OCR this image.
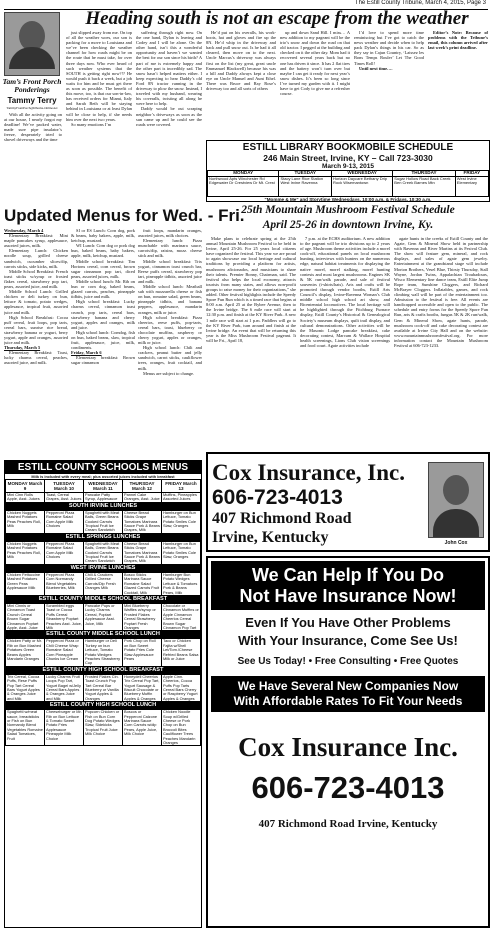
The Estill County Tribune, March 4, 2015, Page 3
Tam’s Front Porch Ponderings
Tammy Terry
TammyFrontPorch@itlhome-Online.net
Heading south is not an escape from the weather

With all the activity going on at our house, I nearly forgot my deadline! We’ve packed water, made sure pipe insulator’s freeze, desperately tried to shovel driveways and the time

just slipped away from me. On top of all the weather woes, our son is packing for a move to Louisiana and we’ve been checking the weather channel for how roads might be on the route that he must take, for over three days now. Who ever heard of such weather systems that the SOUTH is getting right now?!? He would push it back a week, but a job waits for him and he must get there as soon as possible. The benefit of this move, too, is that our son-in-law, has received orders for Miami, Italy and Sarah Beth will be staying behind in Louisiana or at least Dylan will be close to help, if she needs him over the next two years.

So many emotions I’m

suffering through right now. On the one hand, Dylan is leaving and Codey and I will be alone. On the other hand, isn’t this a wonderful opportunity and haven’t we wanted the best for our son since his birth? A part of me is extremely happy and the other part is incredibly sad. The snow hasn’t helped matters either. I keep expecting to hear Daddy’s old Ford 8N tractor running in the driveway to plow the snow. Instead, I traveled with my husband, wearing his coveralls, twisting all along he were here to help.

Daddy would be out scraping neighbor’s driveways as soon as the sun came up and he could see the roads were covered.

He’d put on his overalls, his work-boots, hat and gloves and fire up the 8N. He’d whip in the driveway and back and pull snow out. Is he had it all cleared, then move on to the next. Uncle Marcus’s driveway was always first on the list (my great, great uncle Emmanuel Blackwell) because his was a hill and Daddy always kept a close eye on Uncle Manuel and Aunt Ethel. There was Bruce and Ray Rose’s driveway too and all sorts of others

up and down Sand Hill. I miss… A new addition to my pageant will be the trio’s snow and down the road on that old tractor. I pegged at the building and checked on it the other day. Mom had it recovered several years back but no one has driven it since. It has 2 flat tires and the battery won’t turn over but maybe I can get it ready for next year’s snow dishes. It’s been so long since I’ve turned my garden with it. I might have to get Cody to give me a refresher course.

I’d love to spend more time reminiscing but I’ve got to catch the news weather and decide when to help pack Dylan’s things in his car. So as they say in Cajun Country, ‘Laissez les Bons Temps Rouler’ Let The Good Times Roll!

Until next time….

Editor’s Note: Because of problems with the Tribune’s email, this column arrived after last week’s print deadline.

ESTILL LIBRARY BOOKMOBILE SCHEDULE
246 Main Street, Irvine, KY – Call 723-3030
March 9-13, 2015
MONDAY	TUESDAY	WEDNESDAY	THURSDAY	FRIDAY
Northwood Apts Winchester Rd Edgewater Dr Crestview Dr Mt. Crest	Stacy Lane Rice Station West Irvine Ravenna	Horizon Daycare Bethany Drip Rock Wisemantown	Sugar Hollow Road Back Creek Ben Creek Barnes Mtn	West Irvine Elementary
"Momme & Me" and Storytime Wednesdays, 10:00 a.m. & Fridays, 10:30 a.m.
Updated Menus for Wed. - Fri.

Wednesday, March 4

Elementary Breakfast: Mini maple pancakes syrup, applesauce, assorted juices, milk.

Elementary Lunch: Chicken noodle soup, grilled cheese sandwich, cucumber slices/dip, carrots sticks, side kicks, milk.

Middle School Breakfast: French toast sticks w/syrup or frosted flakes cereal, strawberry pop tart, pears, assorted juice, and milk.

Middle School Lunch: Grilled chicken or deli turkey on bun, lettuce & tomato, potato wedges, applesauce, tropical fruit, assorted juice and milk.

High School Breakfast: Cocoa puff cereal, fruit loops, pop tarts, cereal bars, sunrise rice bread, strawberry banana or yogurt, berry yogurt, apple and oranges, assorted juice and milk.

Thursday, March 5

Elementary Breakfast: Toast, lucky charms cereal, peaches, assorted juice, and milk.

SI or ES Lunch: Corn dog, pork & beans, baby bakers, apple, milk, ketchup, mustard.

WI Lunch: Corn dog or pork dog bun, baked beans, baby bakers, apple, milk, ketchup, mustard.

Middle school breakfast: Tim Hortons cereal, corn cereal, brown sugar cinnamon pop tart, diced pears, assorted juices, milk.

Middle school lunch: Mr. Rib on bun or corn dog, baked beans, glazed carrots, peaches, pineapple tidbits, juice and milk.

High school breakfast: Lucky charms cereal, cinnamon toast crunch, pop tarts, cereal bars, strawberry banana and cherry yogurt, apples and oranges, milk and juice.

High school lunch: Corndog, fish on bun, baked beans, slaw, tropical fruit, applesauce, juice, milk, condiments.

Friday, March 6

Elementary breakfast: Brown sugar cinnamon

fruit loops, mandarin oranges, assorted juices, milk choices.

Elementary lunch: Pizza munchable with marinara sauce, carrots/dip, raisins, mozz. cheese stick and milk.

Middle school breakfast: Trix yogurt, cinnamon toast crunch bar, Reese puffs cereal, strawberry pop tart, pineapple tidbits, assorted juice and milk.

Middle school lunch: Meatball sub with mozzarella cheese or fish on bun, romaine salad, green beans, pineapple tidbits, and banana peppers, applesauce, mandarin oranges, milk or juice.

High school breakfast: Pizza cheerios, reese puffs, pop-tarts, cereal bars, toast, blueberry or chocolate muffins, raspberry or cherry yogurt, apples or oranges, milk or juice.

High school lunch: Chili and crackers, peanut butter and jelly sandwich, carrot sticks, cauliflower trees, oranges, fruit cocktail, and milk.

Menus are subject to change.

ESTILL COUNTY SCHOOLS MENUS
Milk is included with every meal; plus assorted juices included with breakfast
MONDAY March 9	TUESDAY March 10	WEDNESDAY March 11	THURSDAY March 12	FRIDAY March 13
Mini Cinn Rolls Apple, Asst. Juices	Toast, Cereal Grapes, Asst. Juices	Pancake Patty Syrup, Applesauce	Pannel Cake Oranges, Asst. Juice	Muffins, Pineapples Assorted Juices
SOUTH IRVINE LUNCHES				
Chicken Nuggets Mashed Potatoes Peas Peaches Roll, Milk	Pepperoni Pizza Romaine Salad Corn Apple Milk Choices	Spaghetti with Meat Balls, Green Beans Cooked Carrots Tropical Fruit Ice Cream Sandwich	Cheese Bread Sticks Grape Tomatoes Marinara Sauce Pork & Beans Grapes, Milk	Hamburger on Bun Lettuce, Tomato Potato Smiles Cole Slaw, Oranges
ESTILL SPRINGS LUNCHES				
Chicken Nuggets Mashed Potatoes Peas Peaches Roll, Milk	Pepperoni Pizza Romaine Salad Corn Apple Milk Choices	Spaghetti with Meat Balls, Green Beans Cooked Carrots Tropical Fruit Ice Cream Sandwich	Cheese Bread Sticks Grape Tomatoes Marinara Sauce Pork & Beans Grapes, Milk	Hamburger on Bun Lettuce, Tomato Potato Smiles Cole Slaw, Oranges
WEST IRVINE LUNCHES				
Chicken Fettuccine Mashed Potatoes Green Peas Applesauce Milk	Pepperoni Pizza Corn Normandy Blend Vegetables Blueberries, Milk	Chili & Crackers Grilled Cheese Carrots/Dip Fresh Oranges Milk	Bosco Sticks Marinara Sauce Romaine Salad Glazed Carrots Fruit Cocktail, Milk	Hamburger Bun Potato Wedges Lettuce & Tomatoes Pork & Beans Pears, Milk
ESTILL COUNTY MIDDLE SCHOOL BREAKFAST				
Mini Cinnis or Cinnamon Toast Crunch Cereal Brown Sugar Cinnamon Poptart Apple, Asst. Juice	Scrambled eggs Toast or Cocoa Puffs Cereal Strawberry Poptart Peaches Asst. Juice, Milk	Pancake Pups or Lucky Charms Cereal, Poptart Applesauce Asst. Juice, Milk	Mini Blueberry Waffles w/syrup or Frosted Flakes Cereal Strawberry Poptart Fresh Oranges	Chocolate or Cinnamon Muffins or Apple Cinnamon Cheerios Cereal Brown Sugar Cinnamon Pop Tart
ESTILL COUNTY MIDDLE SCHOOL LUNCH				
Chicken Patty or Mr. Rib on Bun Mashed Potatoes Green Beans Apples Mandarin Oranges	Pepperoni Pizza or Chili Cheese Wrap Romaine Salad Corn Pineapple Chunks Ice Cream	Hamburger or Deli Turkey on bun Lettuce, Tomato Potato Wedges Peaches Strawberry Cup	Pork Chop on Roll on Bun Sweet Potato Fries Cole Slaw Applesauce Pears	Taco or Chicken Fajita w/Shell Let/Tom./Cheese Refried Beans Salsa Milk or Juice
ESTILL COUNTY HIGH SCHOOL BREAKFAST				
Trix Cereal, Cocoa Puffs, Rese Puffs Pop Tart Cereal Bars Yogurt Apples & Oranges Juice and Milk	Lucky Charms Fruit Loops Pop Tart, Yogurt Bagel w/Jelly Cereal Bars Apples & Oranges Juice and Milk	Frosted Flakes Cin. Toast Crunch Pop Tart Cereal Bar Blueberry or Vanilla Yogurt Apples & Oranges	Honeydell Cheerios Trix Cereal Pop Tart, Yogurt Sausage & Biscuit Chocolate or Blueberry Muffin Apples & Oranges	Apple Cinn. Cheerios, Cocoa Puffs Pop Tarts Cereal Bars Cherry or Raspberry Yogurt Apples & Oranges
ESTILL COUNTY HIGH SCHOOL LUNCH				
Spaghetti w/meat sauce, breadsticks or Fish on Bun Normandy Blend Vegetables Romaine Salad Tomatoes, Fruit	Cheeseburger or Mr. Rib on Bun Lettuce & Tomato Sweet Potato Fries Applesauce Pineapple Milk Choice	Popcorn Chicken or Fish on Bun Corn Dog Potato Wedges Slaw, Sidekicks Tropical Fruit Juice Milk Choice	Boscos or Pepperoni Calzone Marinara Sauce Corn Carrots w/dip Pears, Apple Juice, Milk Choice	Chicken Noodle Soup w/Grilled Cheese or Pork Chop on Bun Broccoli Bites Cauliflower Trees Peaches Mandarin Oranges
25th Mountain Mushroom Festival Schedule
April 25-26 in downtown Irvine, Ky.

Make plans to celebrate spring at the 25th annual Mountain Mushroom Festival to be held in Irvine, April 25-26. For 25 years local citizens have organized the festival. This year we are proud to again showcase our local heritage and cultural traditions by providing a platform for artists, mushroom aficionados, and musicians to share their talents. Premier Bonny, Chairman, said. The festival also helps the local economy, attracts tourists from many states, and allows non-profit groups to raise money for their organizations,” she added. Other festival highlights include the Speedy Spore Fun Run which is a timed race that begins at 8:00 a.m. April 25 at the Bybee Avenue, then to the Irvine bridge. The 6 mile race will start at 12:30 p.m. and finish at the KY River Park. A new 1 mile race will start at 1 p.m. Paddlers will go to the KY River Park, turn around and finish at the Irvine bridge. An event that will be returning this year is the Miss Mushroom Festival pageant. It will be Fri., April 18,

7 p.m. at the ECHS auditorium. A new addition to the pageant will be trio divisions up to 2 years of age. Mushroom theme activities include a morel cook-off, educational panels on local mushroom hunting, interviews with hunters on the numerous edge, natural habitat treatments for displaying the native morel, morel stalking, morel hunting contests and most largest mushrooms. Engines SK & 5K run/walk parade, and sale of festival souvenirs (t-shirts/hats). Arts and crafts will be promoted through vendor booths, Estill Arts Council’s display, Irvine-Ravenna Woman’s Club middle school high school art show, and Bicentennial locomotives. The local heritage will be highlighted through the Fitchburg Furnace display, Estill County’s Historical & Genealogical Society’s museum displays, quilt trail display, and cultural demonstrations. Other activities will be the Masonic Lodge pancake breakfast, cake decorating contest, Marcum & Wallace Hospital health screenings, Lions Club vision screenings and food court. Agate activities include

agate hunts in the creeks of Estill County and the Agate, Gem & Mineral Show held in partnership with Ravenna and River Martins at its Fesival Club. The show will feature gem, mineral, and rock displays, and sales of agate gem jewelry. Entertainment at the grandstand stage will include Morton Brothers, Vesel Blue, Thirsty Thursday, Stall Wayne, Jordan Twins, Appalachian Troubadours, Wisco Elementary line dance team, Estill Elite Jump Rope team, Sunshine Cloggers, and Richard McBrayer Cloggers. Inflatables, games, and rock climbing wall will be part of the entertainment too. Admission to the festival is free. All events are handicapped accessible and open to the public. The schedule and entry forms for the Speedy Spore Fun Run, arts & crafts booths, fungus 5K & 2K run/walk, Gem & Mineral Show, agate hunts, parade, mushroom cook-off and cake decorating contest are available at Irvine City Hall and on the website: www.mountainmushroomfestival.org. For more information contact the Mountain Mushroom Festival at 606-723-1233.

Cox Insurance, Inc.
606-723-4013
407 Richmond Road
Irvine, Kentucky	John Cox
We Can Help If You Do
Not Have Insurance Now!
Even If You Have Other Problems
With Your Insurance, Come See Us!
See Us Today! • Free Consulting • Free Quotes
We Have Several New Companies Now
With Affordable Rates To Fit Your Needs
Cox Insurance Inc.
606-723-4013
407 Richmond Road Irvine, Kentucky
